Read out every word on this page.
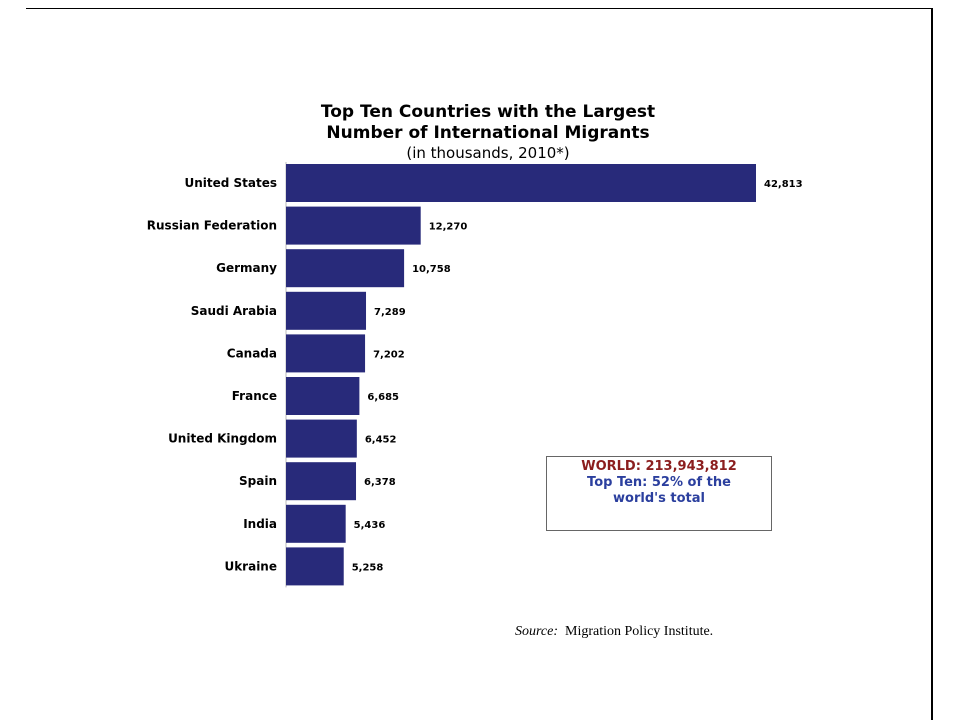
Top Ten Countries with the Largest
Number of International Migrants
(in thousands, 2010*)
United States	42,813
Russian Federation	12,270
Germany	10,758
Saudi Arabia	7,289
Canada	7,202
France	6,685
United Kingdom	6,452
Spain	6,378
India	5,436
Ukraine	5,258
WORLD: 213,943,812
Top Ten: 52% of the
world's total
Source: Migration Policy Institute.
